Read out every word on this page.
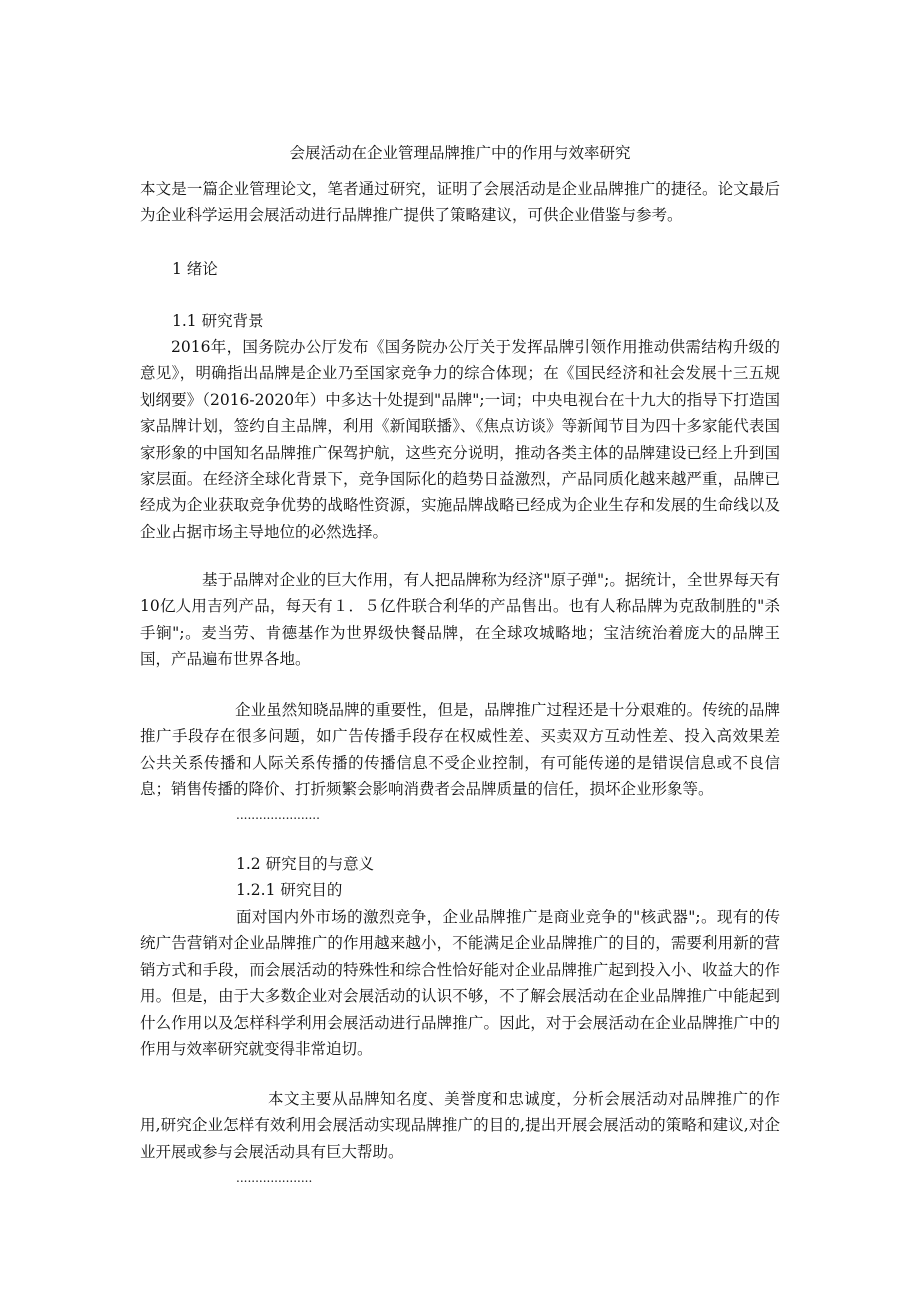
会展活动在企业管理品牌推广中的作用与效率研究

本文是一篇企业管理论文，笔者通过研究，证明了会展活动是企业品牌推广的捷径。论文最后为企业科学运用会展活动进行品牌推广提供了策略建议，可供企业借鉴与参考。

1 绪论
1.1 研究背景

2016年，国务院办公厅发布《国务院办公厅关于发挥品牌引领作用推动供需结构升级的意见》，明确指出品牌是企业乃至国家竞争力的综合体现；在《国民经济和社会发展十三五规划纲要》（2016-2020年）中多达十处提到"品牌";一词；中央电视台在十九大的指导下打造国家品牌计划，签约自主品牌，利用《新闻联播》、《焦点访谈》等新闻节目为四十多家能代表国家形象的中国知名品牌推广保驾护航，这些充分说明，推动各类主体的品牌建设已经上升到国家层面。在经济全球化背景下，竞争国际化的趋势日益激烈，产品同质化越来越严重，品牌已经成为企业获取竞争优势的战略性资源，实施品牌战略已经成为企业生存和发展的生命线以及企业占据市场主导地位的必然选择。

基于品牌对企业的巨大作用，有人把品牌称为经济"原子弹";。据统计，全世界每天有10亿人用吉列产品，每天有１．５亿件联合利华的产品售出。也有人称品牌为克敌制胜的"杀手锏";。麦当劳、肯德基作为世界级快餐品牌，在全球攻城略地；宝洁统治着庞大的品牌王国，产品遍布世界各地。

企业虽然知晓品牌的重要性，但是，品牌推广过程还是十分艰难的。传统的品牌推广手段存在很多问题，如广告传播手段存在权威性差、买卖双方互动性差、投入高效果差 公共关系传播和人际关系传播的传播信息不受企业控制，有可能传递的是错误信息或不良信息；销售传播的降价、打折频繁会影响消费者会品牌质量的信任，损坏企业形象等。

......................

1.2 研究目的与意义
1.2.1 研究目的

面对国内外市场的激烈竞争，企业品牌推广是商业竞争的"核武器";。现有的传统广告营销对企业品牌推广的作用越来越小，不能满足企业品牌推广的目的，需要利用新的营销方式和手段，而会展活动的特殊性和综合性恰好能对企业品牌推广起到投入小、收益大的作用。但是，由于大多数企业对会展活动的认识不够，不了解会展活动在企业品牌推广中能起到什么作用以及怎样科学利用会展活动进行品牌推广。因此，对于会展活动在企业品牌推广中的作用与效率研究就变得非常迫切。

本文主要从品牌知名度、美誉度和忠诚度，分析会展活动对品牌推广的作用,研究企业怎样有效利用会展活动实现品牌推广的目的,提出开展会展活动的策略和建议,对企业开展或参与会展活动具有巨大帮助。

....................
